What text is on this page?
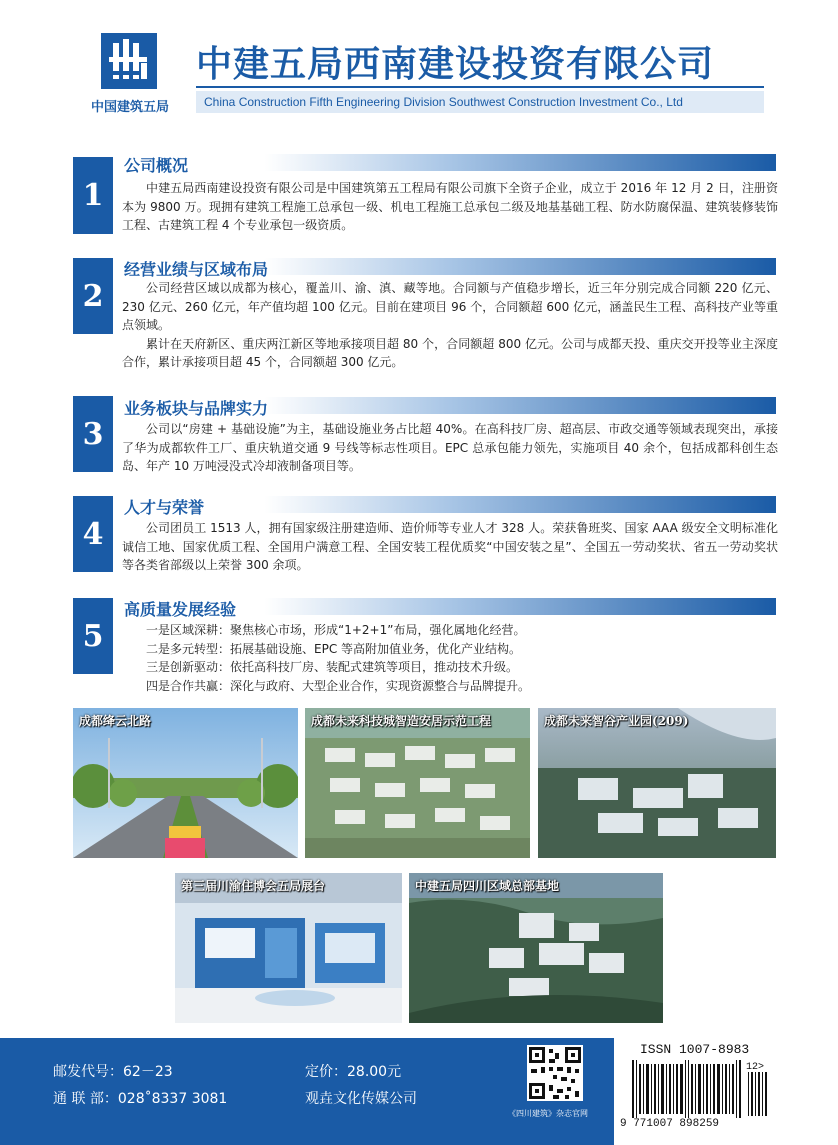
中国建筑五局
中建五局西南建设投资有限公司
China Construction Fifth Engineering Division Southwest Construction Investment Co., Ltd
1
公司概况

中建五局西南建设投资有限公司是中国建筑第五工程局有限公司旗下全资子企业，成立于 2016 年 12 月 2 日，注册资本为 9800 万。现拥有建筑工程施工总承包一级、机电工程施工总承包二级及地基基础工程、防水防腐保温、建筑装修装饰工程、古建筑工程 4 个专业承包一级资质。

2
经营业绩与区域布局

公司经营区域以成都为核心，覆盖川、渝、滇、藏等地。合同额与产值稳步增长，近三年分别完成合同额 220 亿元、230 亿元、260 亿元，年产值均超 100 亿元。目前在建项目 96 个，合同额超 600 亿元，涵盖民生工程、高科技产业等重点领域。

累计在天府新区、重庆两江新区等地承接项目超 80 个，合同额超 800 亿元。公司与成都天投、重庆交开投等业主深度合作，累计承接项目超 45 个，合同额超 300 亿元。

3
业务板块与品牌实力

公司以“房建 + 基础设施”为主，基础设施业务占比超 40%。在高科技厂房、超高层、市政交通等领域表现突出，承接了华为成都软件工厂、重庆轨道交通 9 号线等标志性项目。EPC 总承包能力领先，实施项目 40 余个，包括成都科创生态岛、年产 10 万吨浸没式冷却液制备项目等。

4
人才与荣誉

公司团员工 1513 人，拥有国家级注册建造师、造价师等专业人才 328 人。荣获鲁班奖、国家 AAA 级安全文明标准化诚信工地、国家优质工程、全国用户满意工程、全国安装工程优质奖“中国安装之星”、全国五一劳动奖状、省五一劳动奖状等各类省部级以上荣誉 300 余项。

5
高质量发展经验

一是区域深耕：聚焦核心市场，形成“1+2+1”布局，强化属地化经营。

二是多元转型：拓展基础设施、EPC 等高附加值业务，优化产业结构。

三是创新驱动：依托高科技厂房、装配式建筑等项目，推动技术升级。

四是合作共赢：深化与政府、大型企业合作，实现资源整合与品牌提升。

成都绛云北路	成都未来科技城智造安居示范工程	成都未来智谷产业园(209)
第三届川渝住博会五局展台	中建五局四川区域总部基地
邮发代号：62－23	定价：28.00元
通 联 部：028˚8337 3081	观垚文化传媒公司
《四川建筑》杂志官网
ISSN 1007-8983
12>
9 771007 898259
